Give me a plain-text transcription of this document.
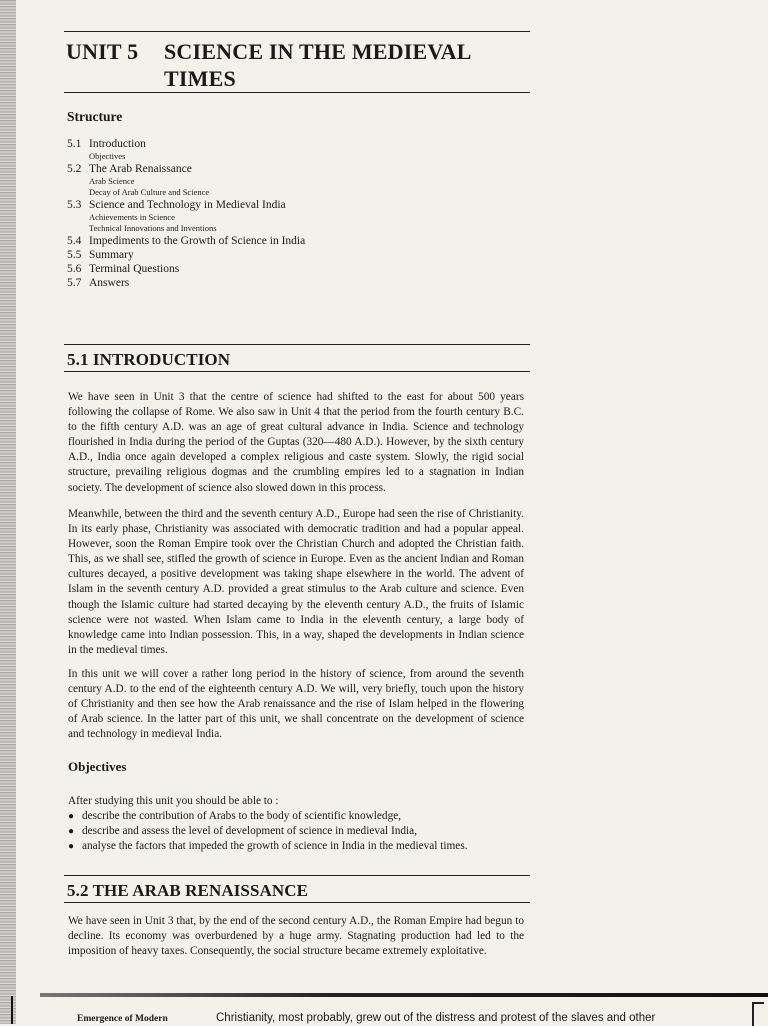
UNIT 5 SCIENCE IN THE MEDIEVAL
TIMES
Structure
5.1 Introduction
Objectives
5.2 The Arab Renaissance
Arab Science
Decay of Arab Culture and Science
5.3 Science and Technology in Medieval India
Achievements in Science
Technical Innovations and Inventions
5.4 Impediments to the Growth of Science in India
5.5 Summary
5.6 Terminal Questions
5.7 Answers
5.1 INTRODUCTION

We have seen in Unit 3 that the centre of science had shifted to the east for about 500 years following the collapse of Rome. We also saw in Unit 4 that the period from the fourth century B.C. to the fifth century A.D. was an age of great cultural advance in India. Science and technology flourished in India during the period of the Guptas (320—480 A.D.). However, by the sixth century A.D., India once again developed a complex religious and caste system. Slowly, the rigid social structure, prevailing religious dogmas and the crumbling empires led to a stagnation in Indian society. The development of science also slowed down in this process.

Meanwhile, between the third and the seventh century A.D., Europe had seen the rise of Christianity. In its early phase, Christianity was associated with democratic tradition and had a popular appeal. However, soon the Roman Empire took over the Christian Church and adopted the Christian faith. This, as we shall see, stifled the growth of science in Europe. Even as the ancient Indian and Roman cultures decayed, a positive development was taking shape elsewhere in the world. The advent of Islam in the seventh century A.D. provided a great stimulus to the Arab culture and science. Even though the Islamic culture had started decaying by the eleventh century A.D., the fruits of Islamic science were not wasted. When Islam came to India in the eleventh century, a large body of knowledge came into Indian possession. This, in a way, shaped the developments in Indian science in the medieval times.

In this unit we will cover a rather long period in the history of science, from around the seventh century A.D. to the end of the eighteenth century A.D. We will, very briefly, touch upon the history of Christianity and then see how the Arab renaissance and the rise of Islam helped in the flowering of Arab science. In the latter part of this unit, we shall concentrate on the development of science and technology in medieval India.

Objectives

After studying this unit you should be able to :

● describe the contribution of Arabs to the body of scientific knowledge,
● describe and assess the level of development of science in medieval India,
● analyse the factors that impeded the growth of science in India in the medieval times.
5.2 THE ARAB RENAISSANCE

We have seen in Unit 3 that, by the end of the second century A.D., the Roman Empire had begun to decline. Its economy was overburdened by a huge army. Stagnating production had led to the imposition of heavy taxes. Consequently, the social structure became extremely exploitative.

Emergence of Modern	Christianity, most probably, grew out of the distress and protest of the slaves and other
